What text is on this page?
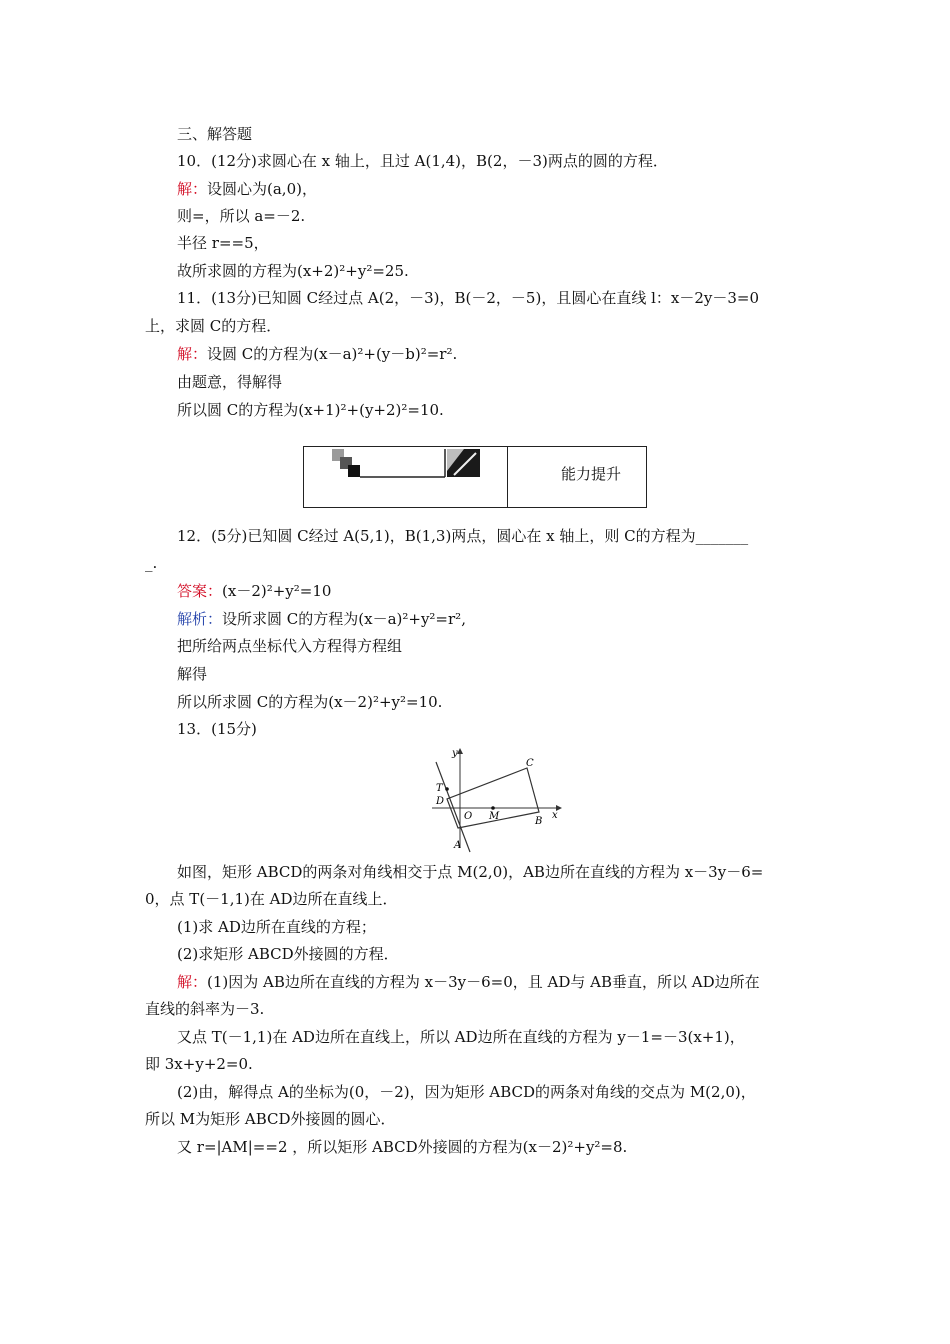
三、解答题
10．(12分)求圆心在 x 轴上，且过 A(1,4)，B(2，－3)两点的圆的方程．
解：设圆心为(a,0)，
则=，所以 a=－2.
半径 r==5，
故所求圆的方程为(x+2)²+y²=25.
11．(13分)已知圆 C经过点 A(2，－3)，B(－2，－5)，且圆心在直线 l：x－2y－3=0
上，求圆 C的方程．
解：设圆 C的方程为(x－a)²+(y－b)²=r².
由题意，得解得
所以圆 C的方程为(x+1)²+(y+2)²=10.
能力提升
12．(5分)已知圆 C经过 A(5,1)，B(1,3)两点，圆心在 x 轴上，则 C的方程为_______
_.
答案：(x－2)²+y²=10
解析：设所求圆 C的方程为(x－a)²+y²=r²,
把所给两点坐标代入方程得方程组
解得
所以所求圆 C的方程为(x－2)²+y²=10.
13．(15分)
y
x
C
T
D
O M	B
A
如图，矩形 ABCD的两条对角线相交于点 M(2,0)，AB边所在直线的方程为 x－3y－6=
0，点 T(－1,1)在 AD边所在直线上．
(1)求 AD边所在直线的方程；
(2)求矩形 ABCD外接圆的方程．
解：(1)因为 AB边所在直线的方程为 x－3y－6=0，且 AD与 AB垂直，所以 AD边所在
直线的斜率为－3.
又点 T(－1,1)在 AD边所在直线上，所以 AD边所在直线的方程为 y－1=－3(x+1)，
即 3x+y+2=0.
(2)由，解得点 A的坐标为(0，－2)，因为矩形 ABCD的两条对角线的交点为 M(2,0)，
所以 M为矩形 ABCD外接圆的圆心．
又 r=|AM|==2 ，所以矩形 ABCD外接圆的方程为(x－2)²+y²=8.
